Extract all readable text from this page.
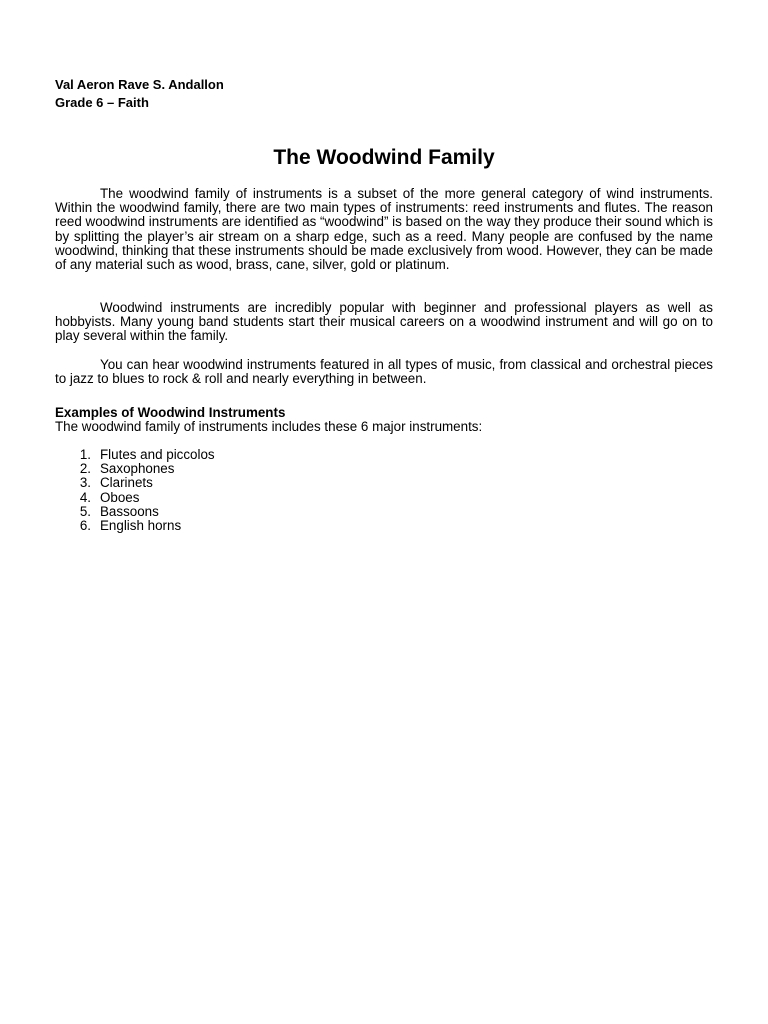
Val Aeron Rave S. Andallon
Grade 6 – Faith
The Woodwind Family

The woodwind family of instruments is a subset of the more general category of wind instruments. Within the woodwind family, there are two main types of instruments: reed instruments and flutes. The reason reed woodwind instruments are identified as “woodwind” is based on the way they produce their sound which is by splitting the player’s air stream on a sharp edge, such as a reed. Many people are confused by the name woodwind, thinking that these instruments should be made exclusively from wood. However, they can be made of any material such as wood, brass, cane, silver, gold or platinum.

Woodwind instruments are incredibly popular with beginner and professional players as well as hobbyists. Many young band students start their musical careers on a woodwind instrument and will go on to play several within the family.

You can hear woodwind instruments featured in all types of music, from classical and orchestral pieces to jazz to blues to rock & roll and nearly everything in between.

Examples of Woodwind Instruments
The woodwind family of instruments includes these 6 major instruments:
1. Flutes and piccolos
2. Saxophones
3. Clarinets
4. Oboes
5. Bassoons
6. English horns
